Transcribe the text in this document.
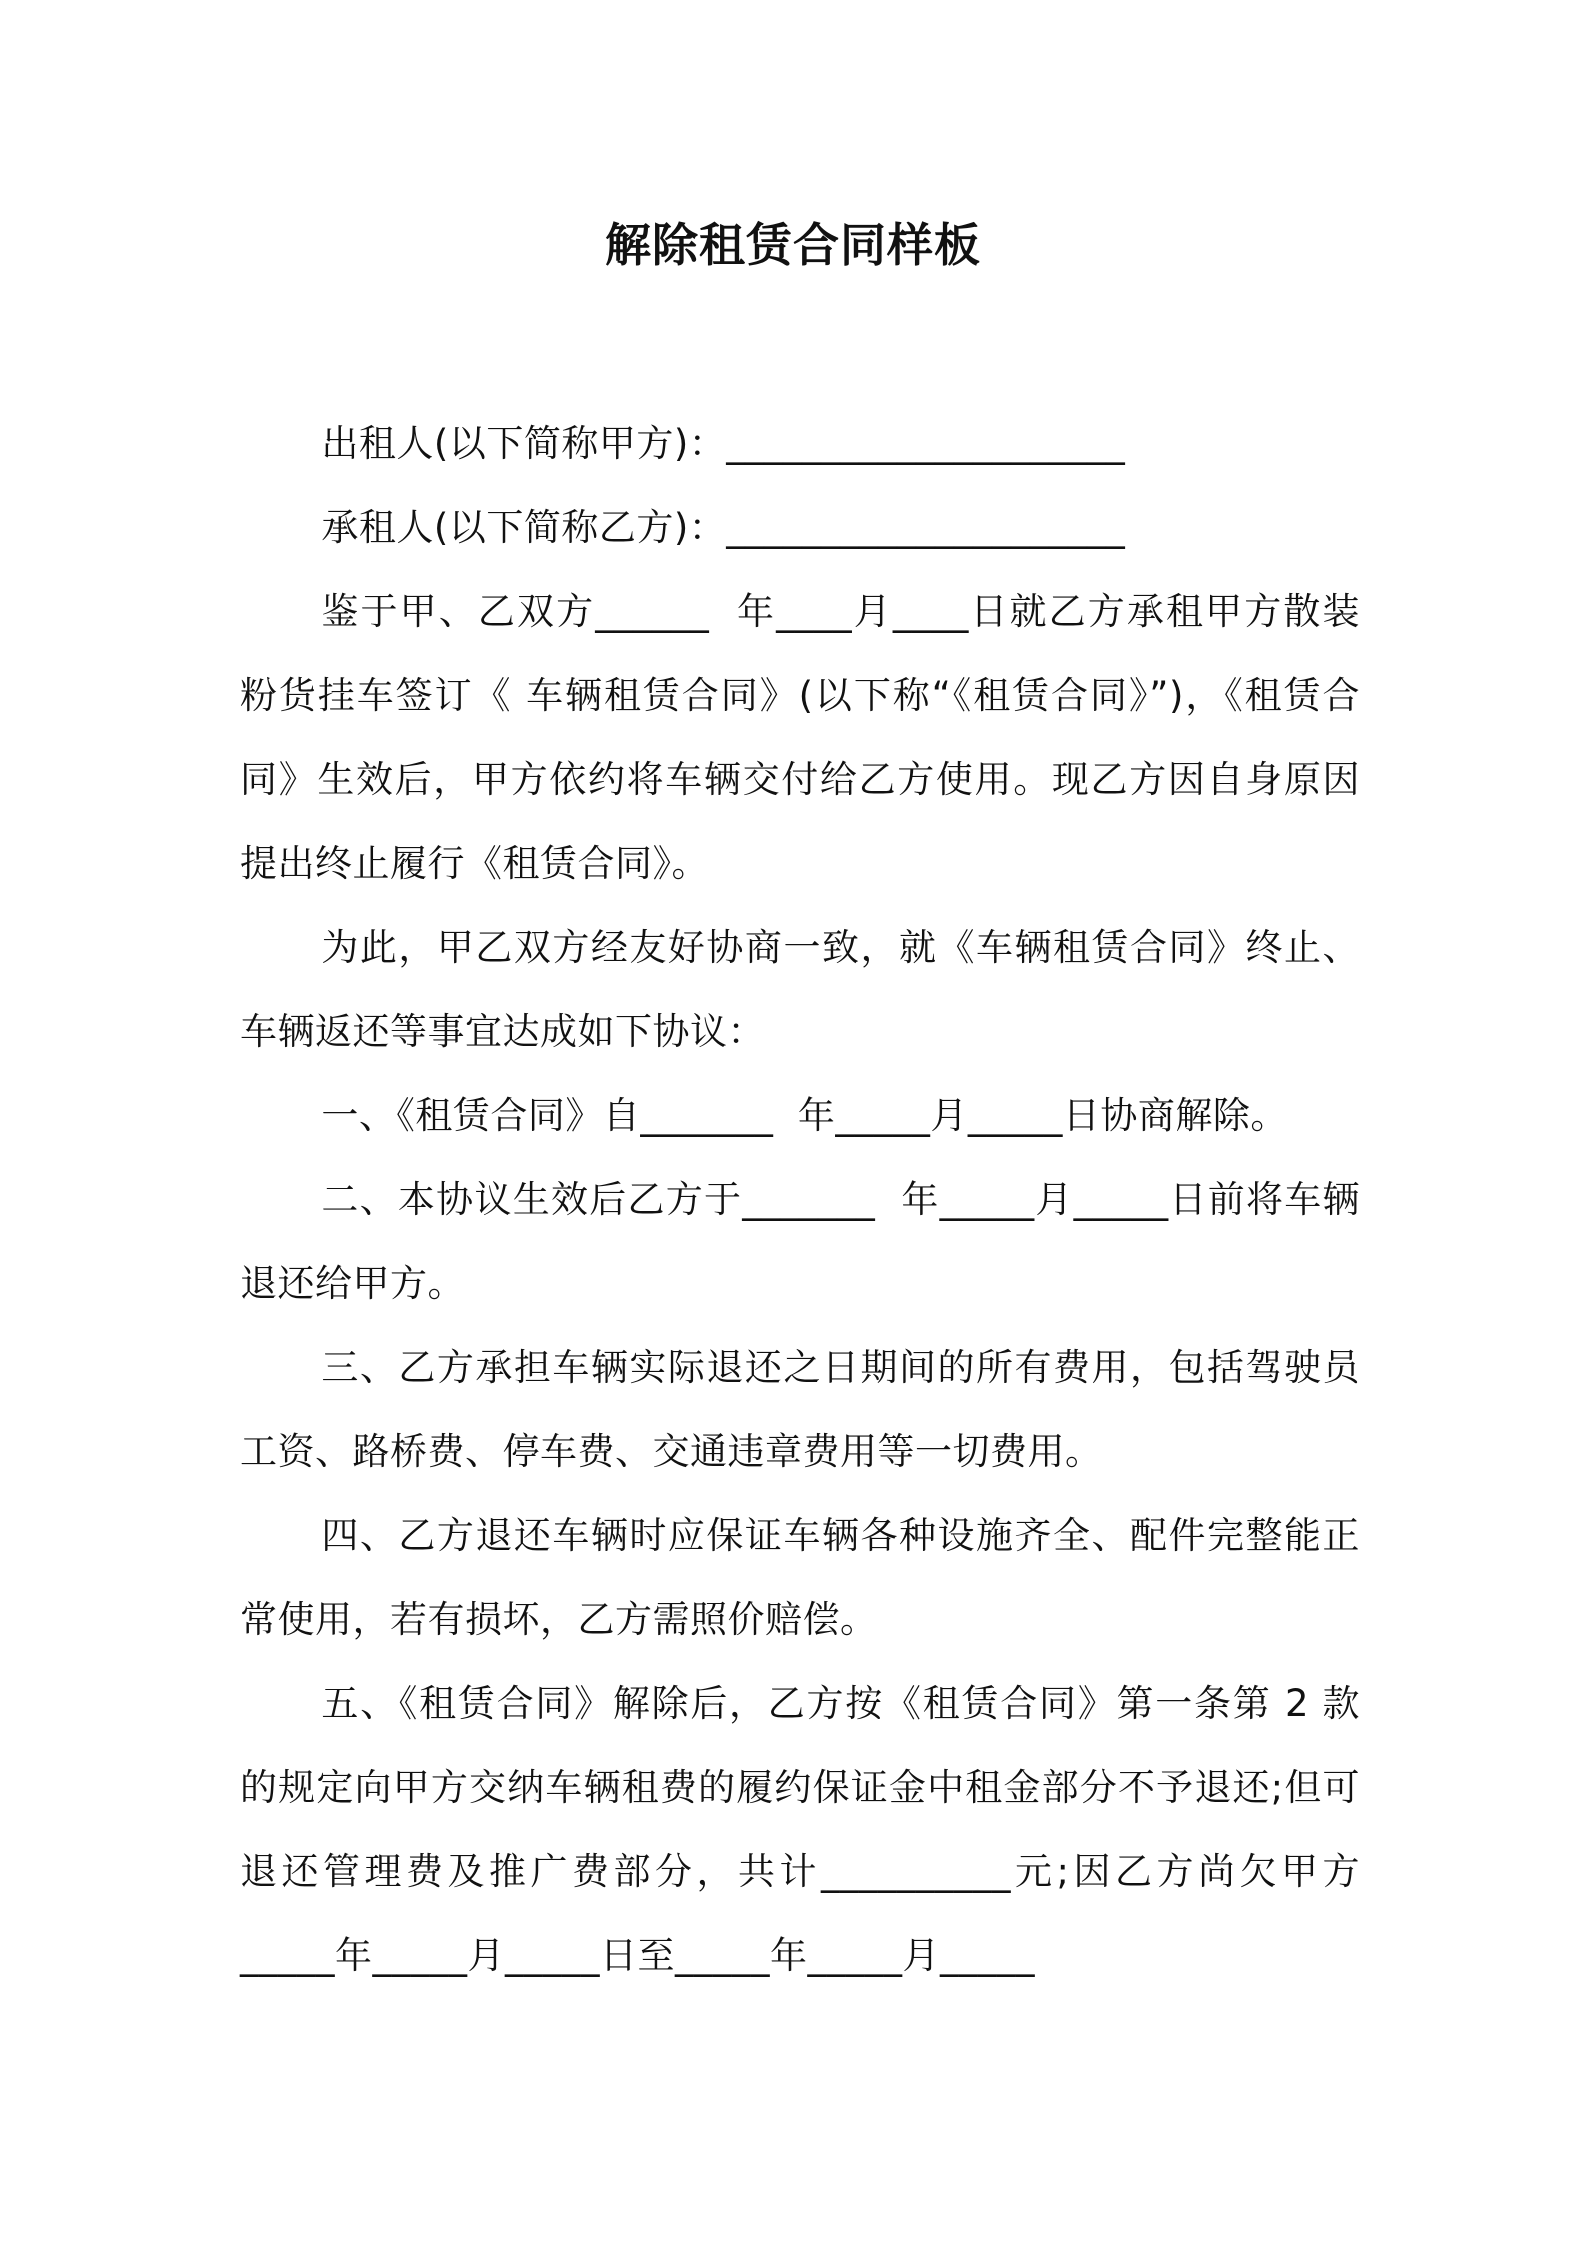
解除租赁合同样板

出租人(以下简称甲方)：_____________________

承租人(以下简称乙方)：_____________________

鉴于甲、乙双方______  年____月____日就乙方承租甲方散装粉货挂车签订《 车辆租赁合同》(以下称“《租赁合同》”)，《租赁合同》生效后，甲方依约将车辆交付给乙方使用。现乙方因自身原因提出终止履行《租赁合同》。

为此，甲乙双方经友好协商一致，就《车辆租赁合同》终止、车辆返还等事宜达成如下协议：

一、《租赁合同》自_______  年_____月_____日协商解除。

二、本协议生效后乙方于_______  年_____月_____日前将车辆退还给甲方。

三、乙方承担车辆实际退还之日期间的所有费用，包括驾驶员工资、路桥费、停车费、交通违章费用等一切费用。

四、乙方退还车辆时应保证车辆各种设施齐全、配件完整能正常使用，若有损坏，乙方需照价赔偿。

五、《租赁合同》解除后，乙方按《租赁合同》第一条第 2 款的规定向甲方交纳车辆租费的履约保证金中租金部分不予退还;但可退还管理费及推广费部分，共计__________元;因乙方尚欠甲方_____年_____月_____日至_____年_____月_____
